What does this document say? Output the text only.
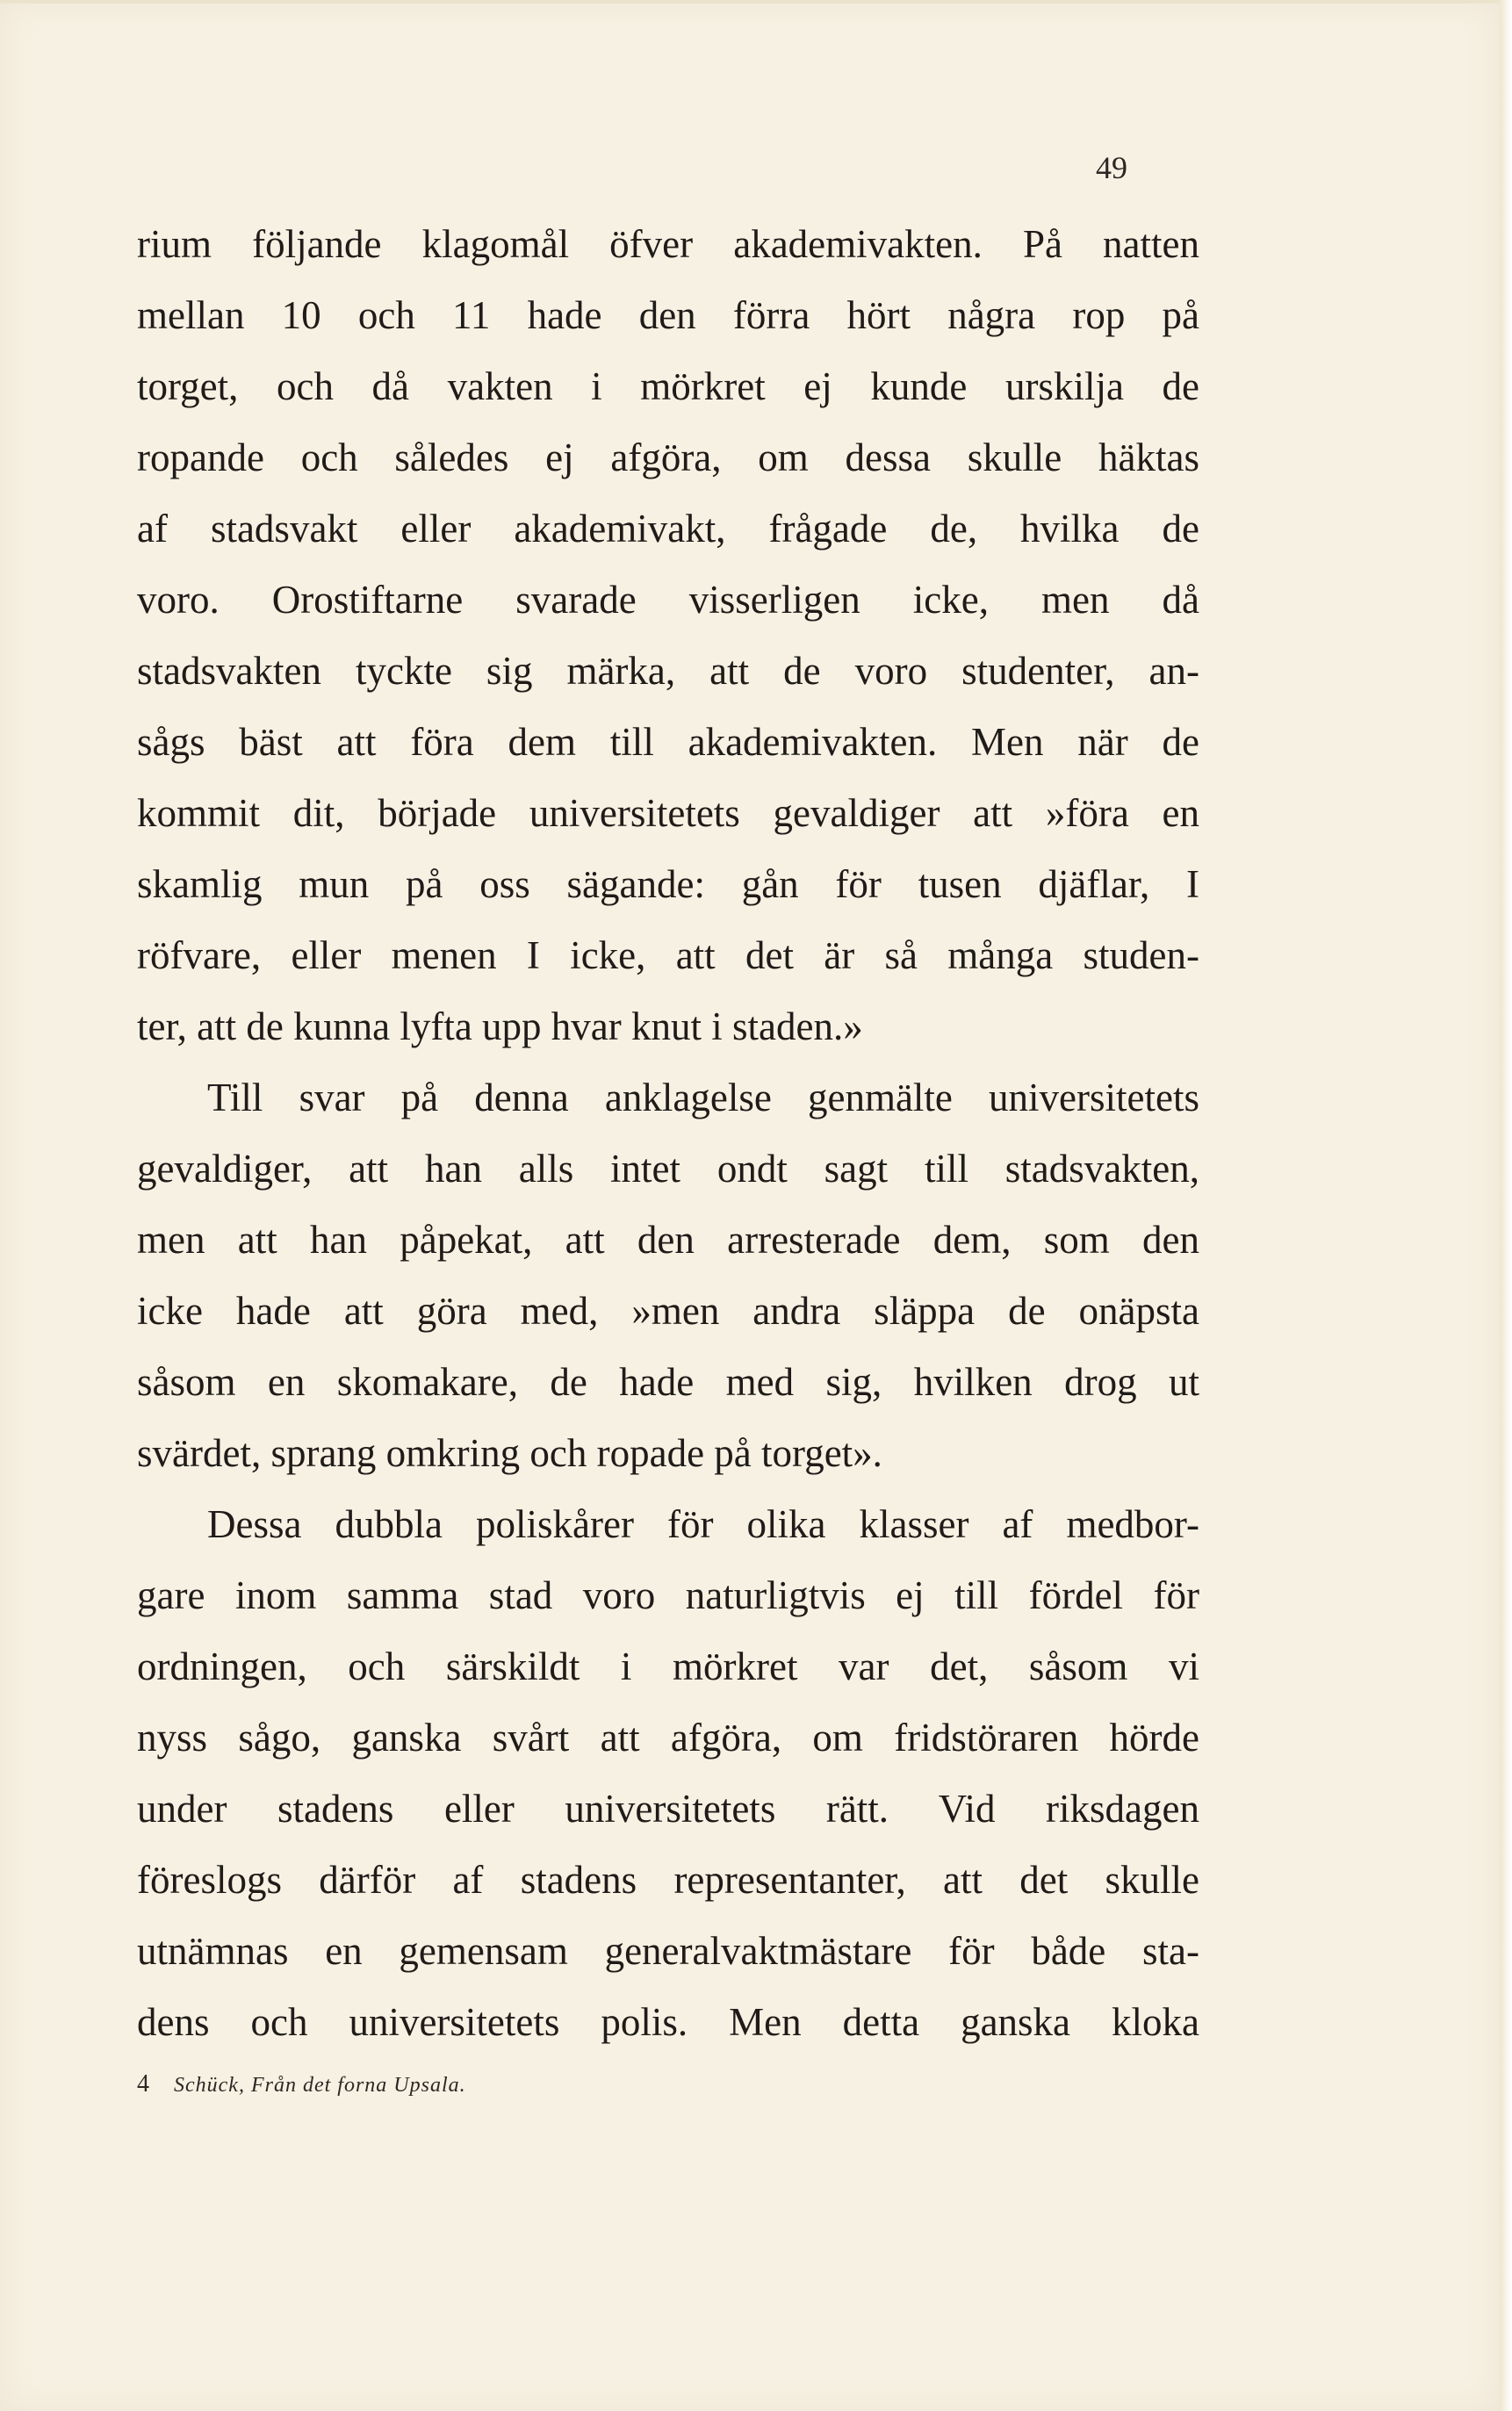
49
rium följande klagomål öfver akademivakten. På natten
mellan 10 och 11 hade den förra hört några rop på
torget, och då vakten i mörkret ej kunde urskilja de
ropande och således ej afgöra, om dessa skulle häktas
af stadsvakt eller akademivakt, frågade de, hvilka de
voro. Orostiftarne svarade visserligen icke, men då
stadsvakten tyckte sig märka, att de voro studenter, an-
sågs bäst att föra dem till akademivakten. Men när de
kommit dit, började universitetets gevaldiger att »föra en
skamlig mun på oss sägande: gån för tusen djäflar, I
röfvare, eller menen I icke, att det är så många studen-
ter, att de kunna lyfta upp hvar knut i staden.»
Till svar på denna anklagelse genmälte universitetets
gevaldiger, att han alls intet ondt sagt till stadsvakten,
men att han påpekat, att den arresterade dem, som den
icke hade att göra med, »men andra släppa de onäpsta
såsom en skomakare, de hade med sig, hvilken drog ut
svärdet, sprang omkring och ropade på torget».
Dessa dubbla poliskårer för olika klasser af medbor-
gare inom samma stad voro naturligtvis ej till fördel för
ordningen, och särskildt i mörkret var det, såsom vi
nyss sågo, ganska svårt att afgöra, om fridstöraren hörde
under stadens eller universitetets rätt. Vid riksdagen
föreslogs därför af stadens representanter, att det skulle
utnämnas en gemensam generalvaktmästare för både sta-
dens och universitetets polis. Men detta ganska kloka
4 Schück, Från det forna Upsala.
